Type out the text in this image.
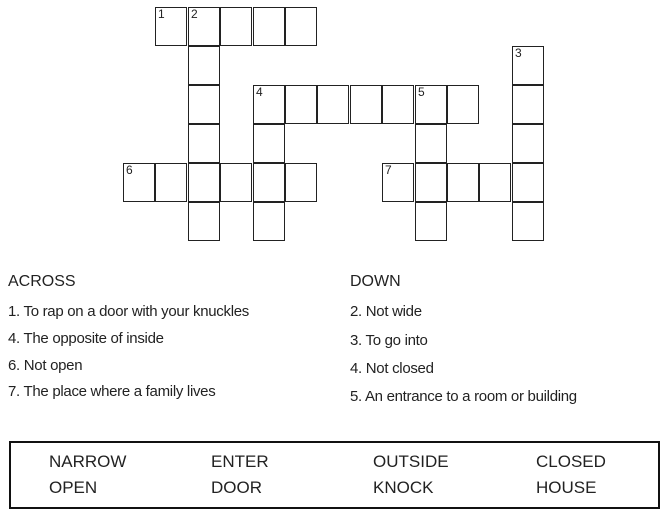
1 2
3
4	5
6	7
ACROSS
1. To rap on a door with your knuckles
4. The opposite of inside
6. Not open
7. The place where a family lives
DOWN
2. Not wide
3. To go into
4. Not closed
5. An entrance to a room or building
NARROW	ENTER	OUTSIDE	CLOSED
OPEN	DOOR	KNOCK	HOUSE
